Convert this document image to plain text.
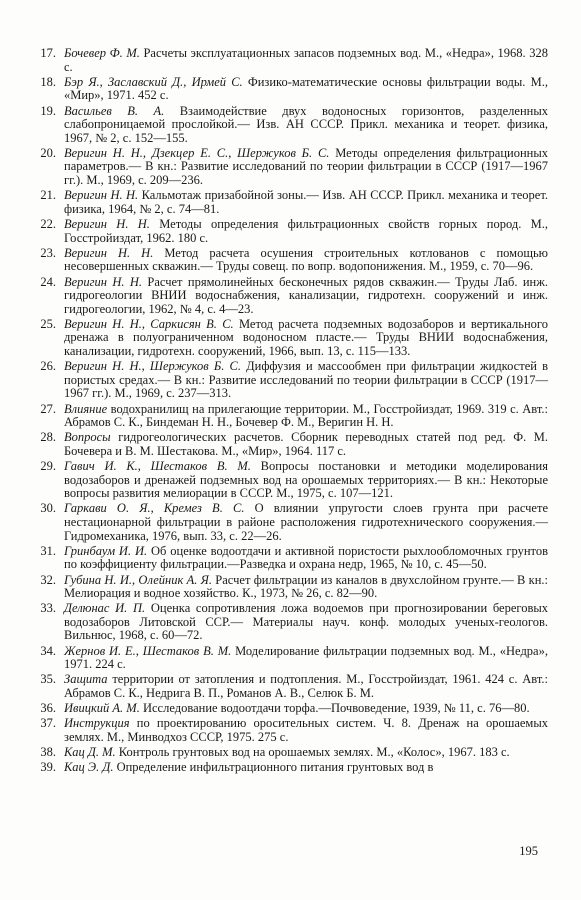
17. Бочевер Ф. М. Расчеты эксплуатационных запасов подземных вод. М., «Недра», 1968. 328 с.
18. Бэр Я., Заславский Д., Ирмей С. Физико-математические основы фильтрации воды. М., «Мир», 1971. 452 с.
19. Васильев В. А. Взаимодействие двух водоносных горизонтов, разделенных слабопроницаемой прослойкой.— Изв. АН СССР. Прикл. механика и теорет. физика, 1967, № 2, с. 152—155.
20. Веригин Н. Н., Дзекцер Е. С., Шержуков Б. С. Методы определения фильтрационных параметров.— В кн.: Развитие исследований по теории фильтрации в СССР (1917—1967 гг.). М., 1969, с. 209—236.
21. Веригин Н. Н. Кальмотаж призабойной зоны.— Изв. АН СССР. Прикл. механика и теорет. физика, 1964, № 2, с. 74—81.
22. Веригин Н. Н. Методы определения фильтрационных свойств горных пород. М., Госстройиздат, 1962. 180 с.
23. Веригин Н. Н. Метод расчета осушения строительных котлованов с помощью несовершенных скважин.— Труды совещ. по вопр. водопонижения. М., 1959, с. 70—96.
24. Веригин Н. Н. Расчет прямолинейных бесконечных рядов скважин.— Труды Лаб. инж. гидрогеологии ВНИИ водоснабжения, канализации, гидротехн. сооружений и инж. гидрогеологии, 1962, № 4, с. 4—23.
25. Веригин Н. Н., Саркисян В. С. Метод расчета подземных водозаборов и вертикального дренажа в полуограниченном водоносном пласте.— Труды ВНИИ водоснабжения, канализации, гидротехн. сооружений, 1966, вып. 13, с. 115—133.
26. Веригин Н. Н., Шержуков Б. С. Диффузия и массообмен при фильтрации жидкостей в пористых средах.— В кн.: Развитие исследований по теории фильтрации в СССР (1917—1967 гг.). М., 1969, с. 237—313.
27. Влияние водохранилищ на прилегающие территории. М., Госстройиздат, 1969. 319 с. Авт.: Абрамов С. К., Биндеман Н. Н., Бочевер Ф. М., Веригин Н. Н.
28. Вопросы гидрогеологических расчетов. Сборник переводных статей под ред. Ф. М. Бочевера и В. М. Шестакова. М., «Мир», 1964. 117 с.
29. Гавич И. К., Шестаков В. М. Вопросы постановки и методики моделирования водозаборов и дренажей подземных вод на орошаемых территориях.— В кн.: Некоторые вопросы развития мелиорации в СССР. М., 1975, с. 107—121.
30. Гаркави О. Я., Кремез В. С. О влиянии упругости слоев грунта при расчете нестационарной фильтрации в районе расположения гидротехнического сооружения.— Гидромеханика, 1976, вып. 33, с. 22—26.
31. Гринбаум И. И. Об оценке водоотдачи и активной пористости рыхлообломочных грунтов по коэффициенту фильтрации.—Разведка и охрана недр, 1965, № 10, с. 45—50.
32. Губина Н. И., Олейник А. Я. Расчет фильтрации из каналов в двухслойном грунте.— В кн.: Мелиорация и водное хозяйство. К., 1973, № 26, с. 82—90.
33. Делюнас И. П. Оценка сопротивления ложа водоемов при прогнозировании береговых водозаборов Литовской ССР.— Материалы науч. конф. молодых ученых-геологов. Вильнюс, 1968, с. 60—72.
34. Жернов И. Е., Шестаков В. М. Моделирование фильтрации подземных вод. М., «Недра», 1971. 224 с.
35. Защита территории от затопления и подтопления. М., Госстройиздат, 1961. 424 с. Авт.: Абрамов С. К., Недрига В. П., Романов А. В., Селюк Б. М.
36. Ивицкий А. М. Исследование водоотдачи торфа.—Почвоведение, 1939, № 11, с. 76—80.
37. Инструкция по проектированию оросительных систем. Ч. 8. Дренаж на орошаемых землях. М., Минводхоз СССР, 1975. 275 с.
38. Кац Д. М. Контроль грунтовых вод на орошаемых землях. М., «Колос», 1967. 183 с.
39. Кац Э. Д. Определение инфильтрационного питания грунтовых вод в
195
